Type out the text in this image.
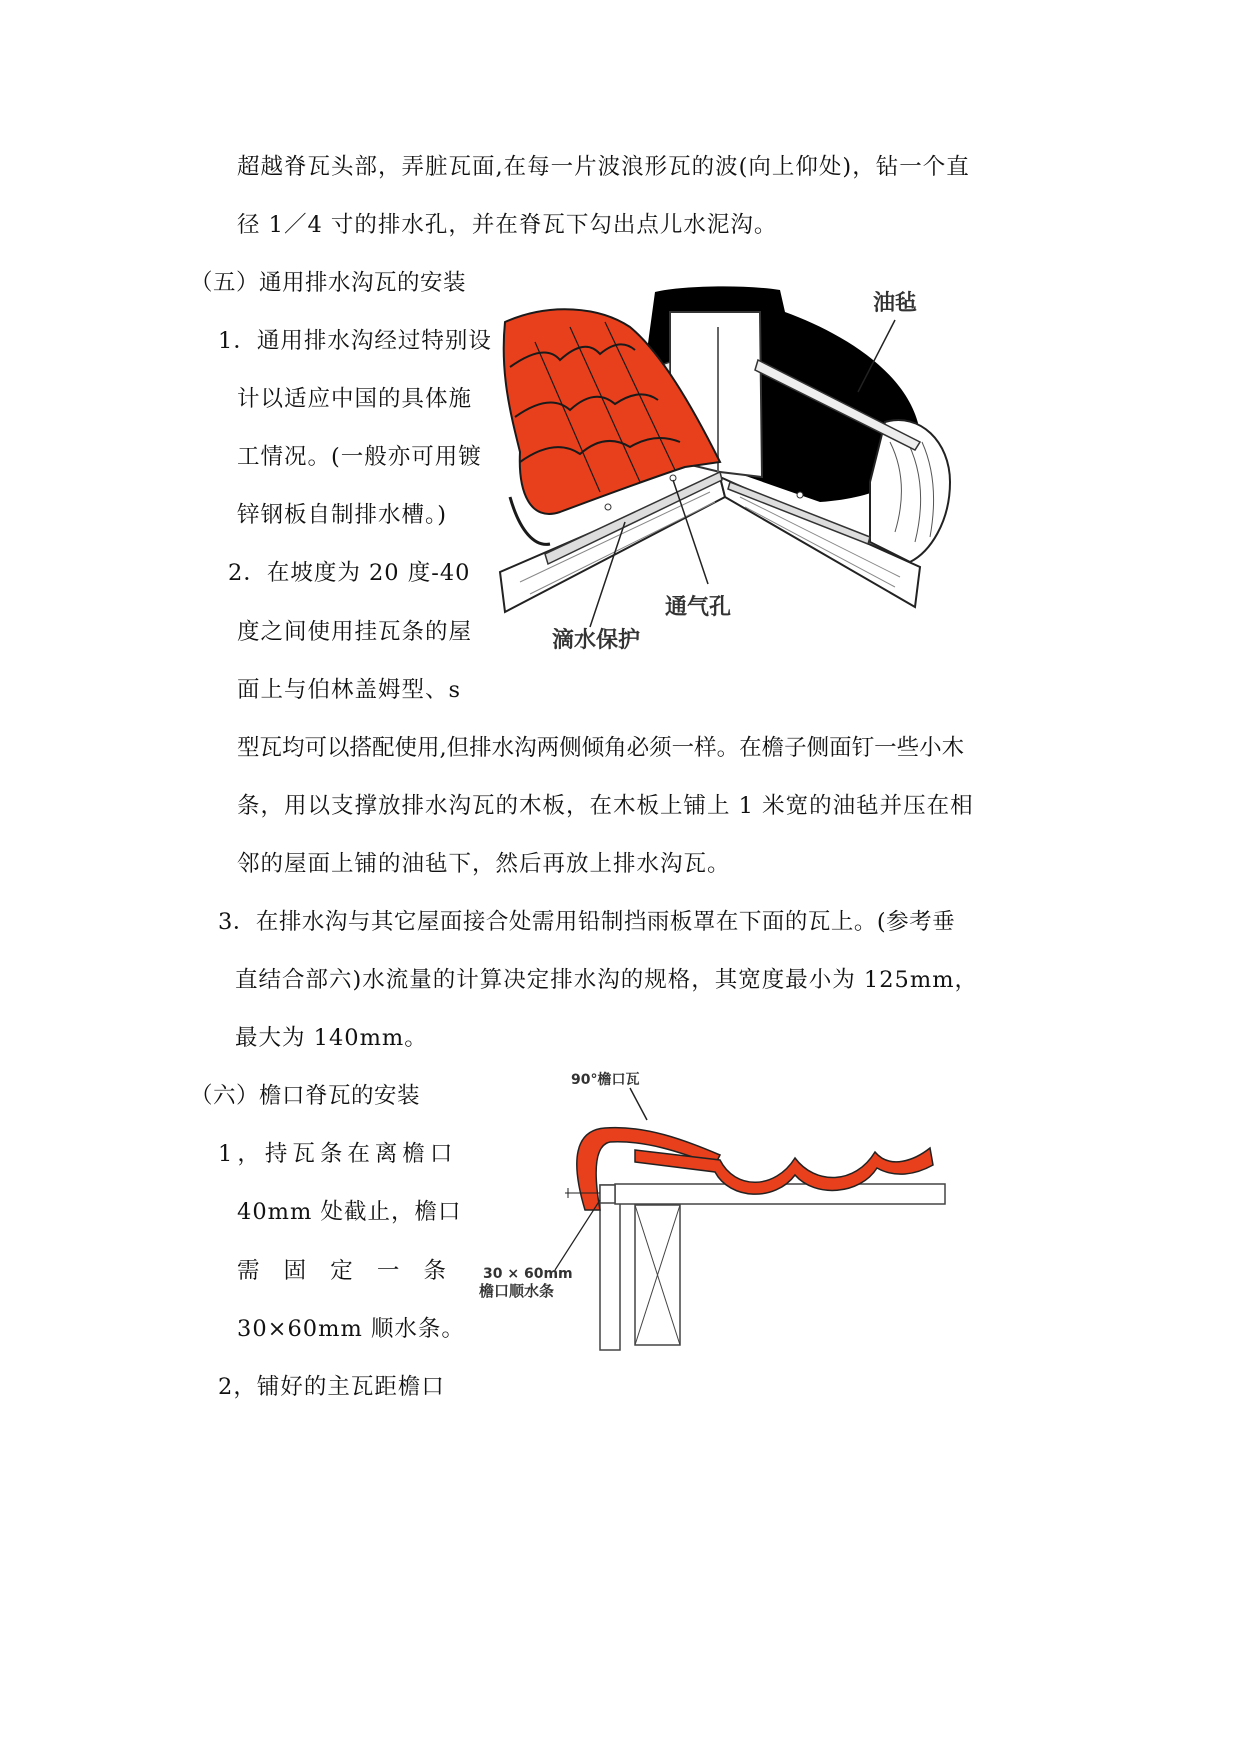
超越脊瓦头部，弄脏瓦面,在每一片波浪形瓦的波(向上仰处)，钻一个直
径 1／4 寸的排水孔，并在脊瓦下勾出点儿水泥沟。
（五）通用排水沟瓦的安装
1．通用排水沟经过特别设
计以适应中国的具体施
工情况。(一般亦可用镀
锌钢板自制排水槽。)
2．在坡度为 20 度-40
度之间使用挂瓦条的屋
面上与伯林盖姆型、s
型瓦均可以搭配使用,但排水沟两侧倾角必须一样。在檐子侧面钉一些小木
条，用以支撑放排水沟瓦的木板，在木板上铺上 1 米宽的油毡并压在相
邻的屋面上铺的油毡下，然后再放上排水沟瓦。
3．在排水沟与其它屋面接合处需用铅制挡雨板罩在下面的瓦上。(参考垂
直结合部六)水流量的计算决定排水沟的规格，其宽度最小为 125mm，
最大为 140mm。
（六）檐口脊瓦的安装
1，持瓦条在离檐口
40mm 处截止，檐口
需 固 定 一 条
30×60mm 顺水条。
2，铺好的主瓦距檐口
油毡
通气孔
滴水保护
90°檐口瓦
30 × 60mm
檐口顺水条
